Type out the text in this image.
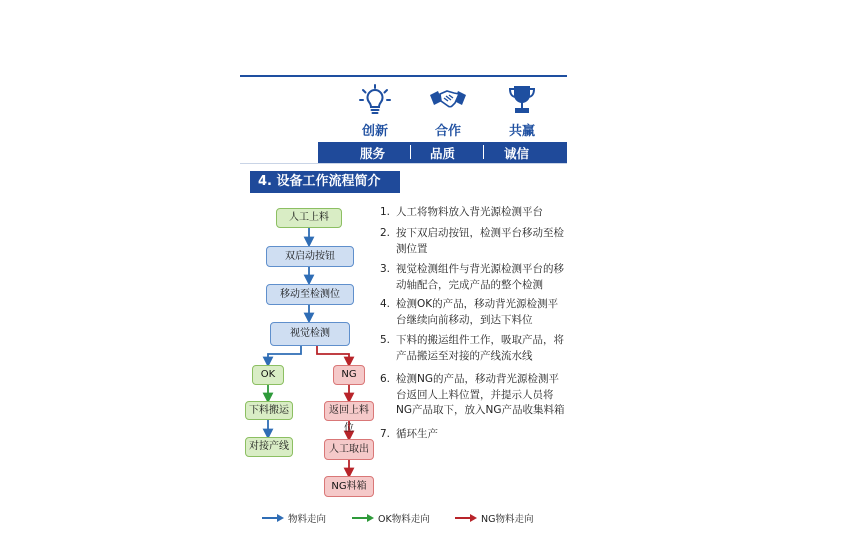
创新	合作	共赢
服务	品质	诚信
4. 设备工作流程简介
人工上料
双启动按钮
移动至检测位
视觉检测
OK	NG
下料搬运
对接产线
返回上料位
人工取出
NG料箱
1. 人工将物料放入背光源检测平台
2. 按下双启动按钮，检测平台移动至检测位置
3. 视觉检测组件与背光源检测平台的移动轴配合，完成产品的整个检测
4. 检测OK的产品，移动背光源检测平台继续向前移动，到达下料位
5. 下料的搬运组件工作，吸取产品，将产品搬运至对接的产线流水线
6. 检测NG的产品，移动背光源检测平台返回人上料位置，并提示人员将NG产品取下，放入NG产品收集料箱
7. 循环生产
物料走向	OK物料走向	NG物料走向
